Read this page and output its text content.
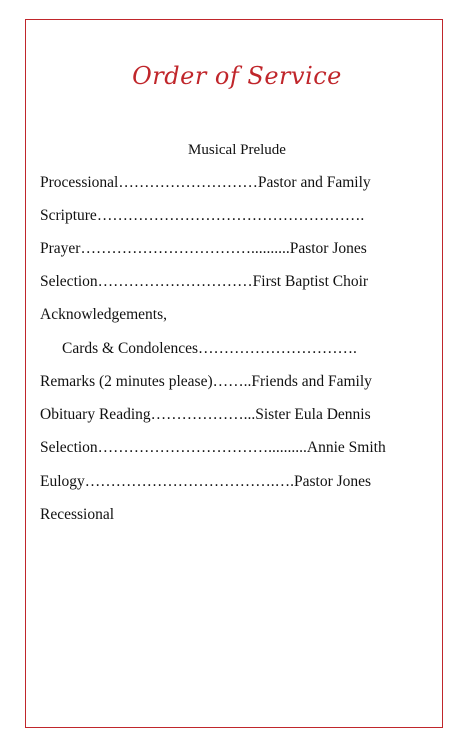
Order of Service
Musical Prelude
Processional………………………Pastor and Family
Scripture…………………………………………….
Prayer……………………………..........Pastor Jones
Selection…………………………First Baptist Choir
Acknowledgements,
Cards & Condolences………………………….
Remarks (2 minutes please)……..Friends and Family
Obituary Reading………………...Sister Eula Dennis
Selection……………………………..........Annie Smith
Eulogy……………………………….….Pastor Jones
Recessional
